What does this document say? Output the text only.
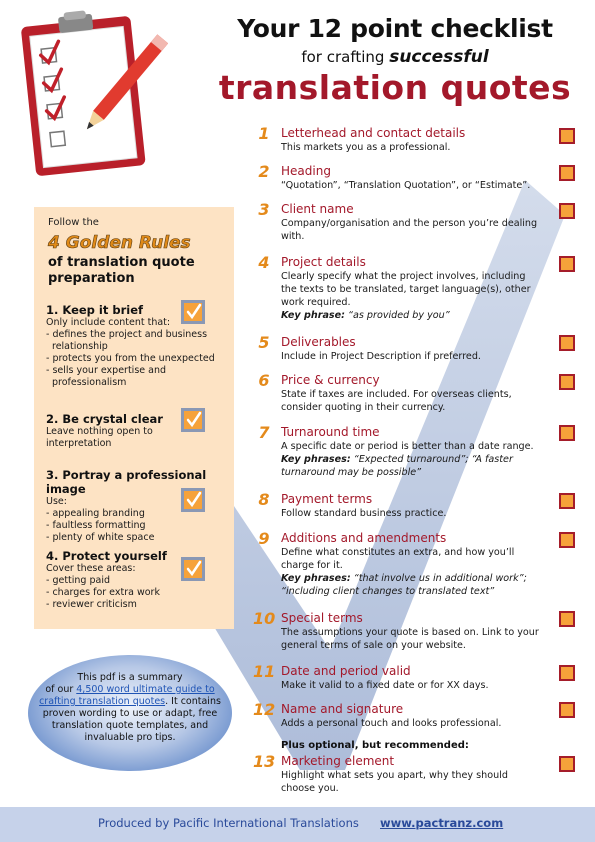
Your 12 point checklist
for crafting successful
translation quotes
Follow the
4 Golden Rules
of translation quote preparation
1. Keep it brief
Only include content that:
- defines the project and business
relationship
- protects you from the unexpected
- sells your expertise and
professionalism
2. Be crystal clear
Leave nothing open to
interpretation
3. Portray a professional image
Use:
- appealing branding
- faultless formatting
- plenty of white space
4. Protect yourself
Cover these areas:
- getting paid
- charges for extra work
- reviewer criticism
This pdf is a summary
of our 4,500 word ultimate guide to crafting translation quotes. It contains proven wording to use or adapt, free translation quote templates, and invaluable pro tips.
1 Letterhead and contact details
This markets you as a professional.
2 Heading
“Quotation”, “Translation Quotation”, or “Estimate”.
3 Client name
Company/organisation and the person you’re dealing with.
4 Project details
Clearly specify what the project involves, including the texts to be translated, target language(s), other work required.
Key phrase: “as provided by you”
5 Deliverables
Include in Project Description if preferred.
6 Price & currency
State if taxes are included. For overseas clients, consider quoting in their currency.
7 Turnaround time
A specific date or period is better than a date range.
Key phrases: “Expected turnaround”; “A faster turnaround may be possible”
8 Payment terms
Follow standard business practice.
9 Additions and amendments
Define what constitutes an extra, and how you’ll charge for it.
Key phrases: “that involve us in additional work”; “including client changes to translated text”
10 Special terms
The assumptions your quote is based on. Link to your general terms of sale on your website.
11 Date and period valid
Make it valid to a fixed date or for XX days.
12 Name and signature
Adds a personal touch and looks professional.
Plus optional, but recommended:
13 Marketing element
Highlight what sets you apart, why they should choose you.
Produced by Pacific International Translations www.pactranz.com
